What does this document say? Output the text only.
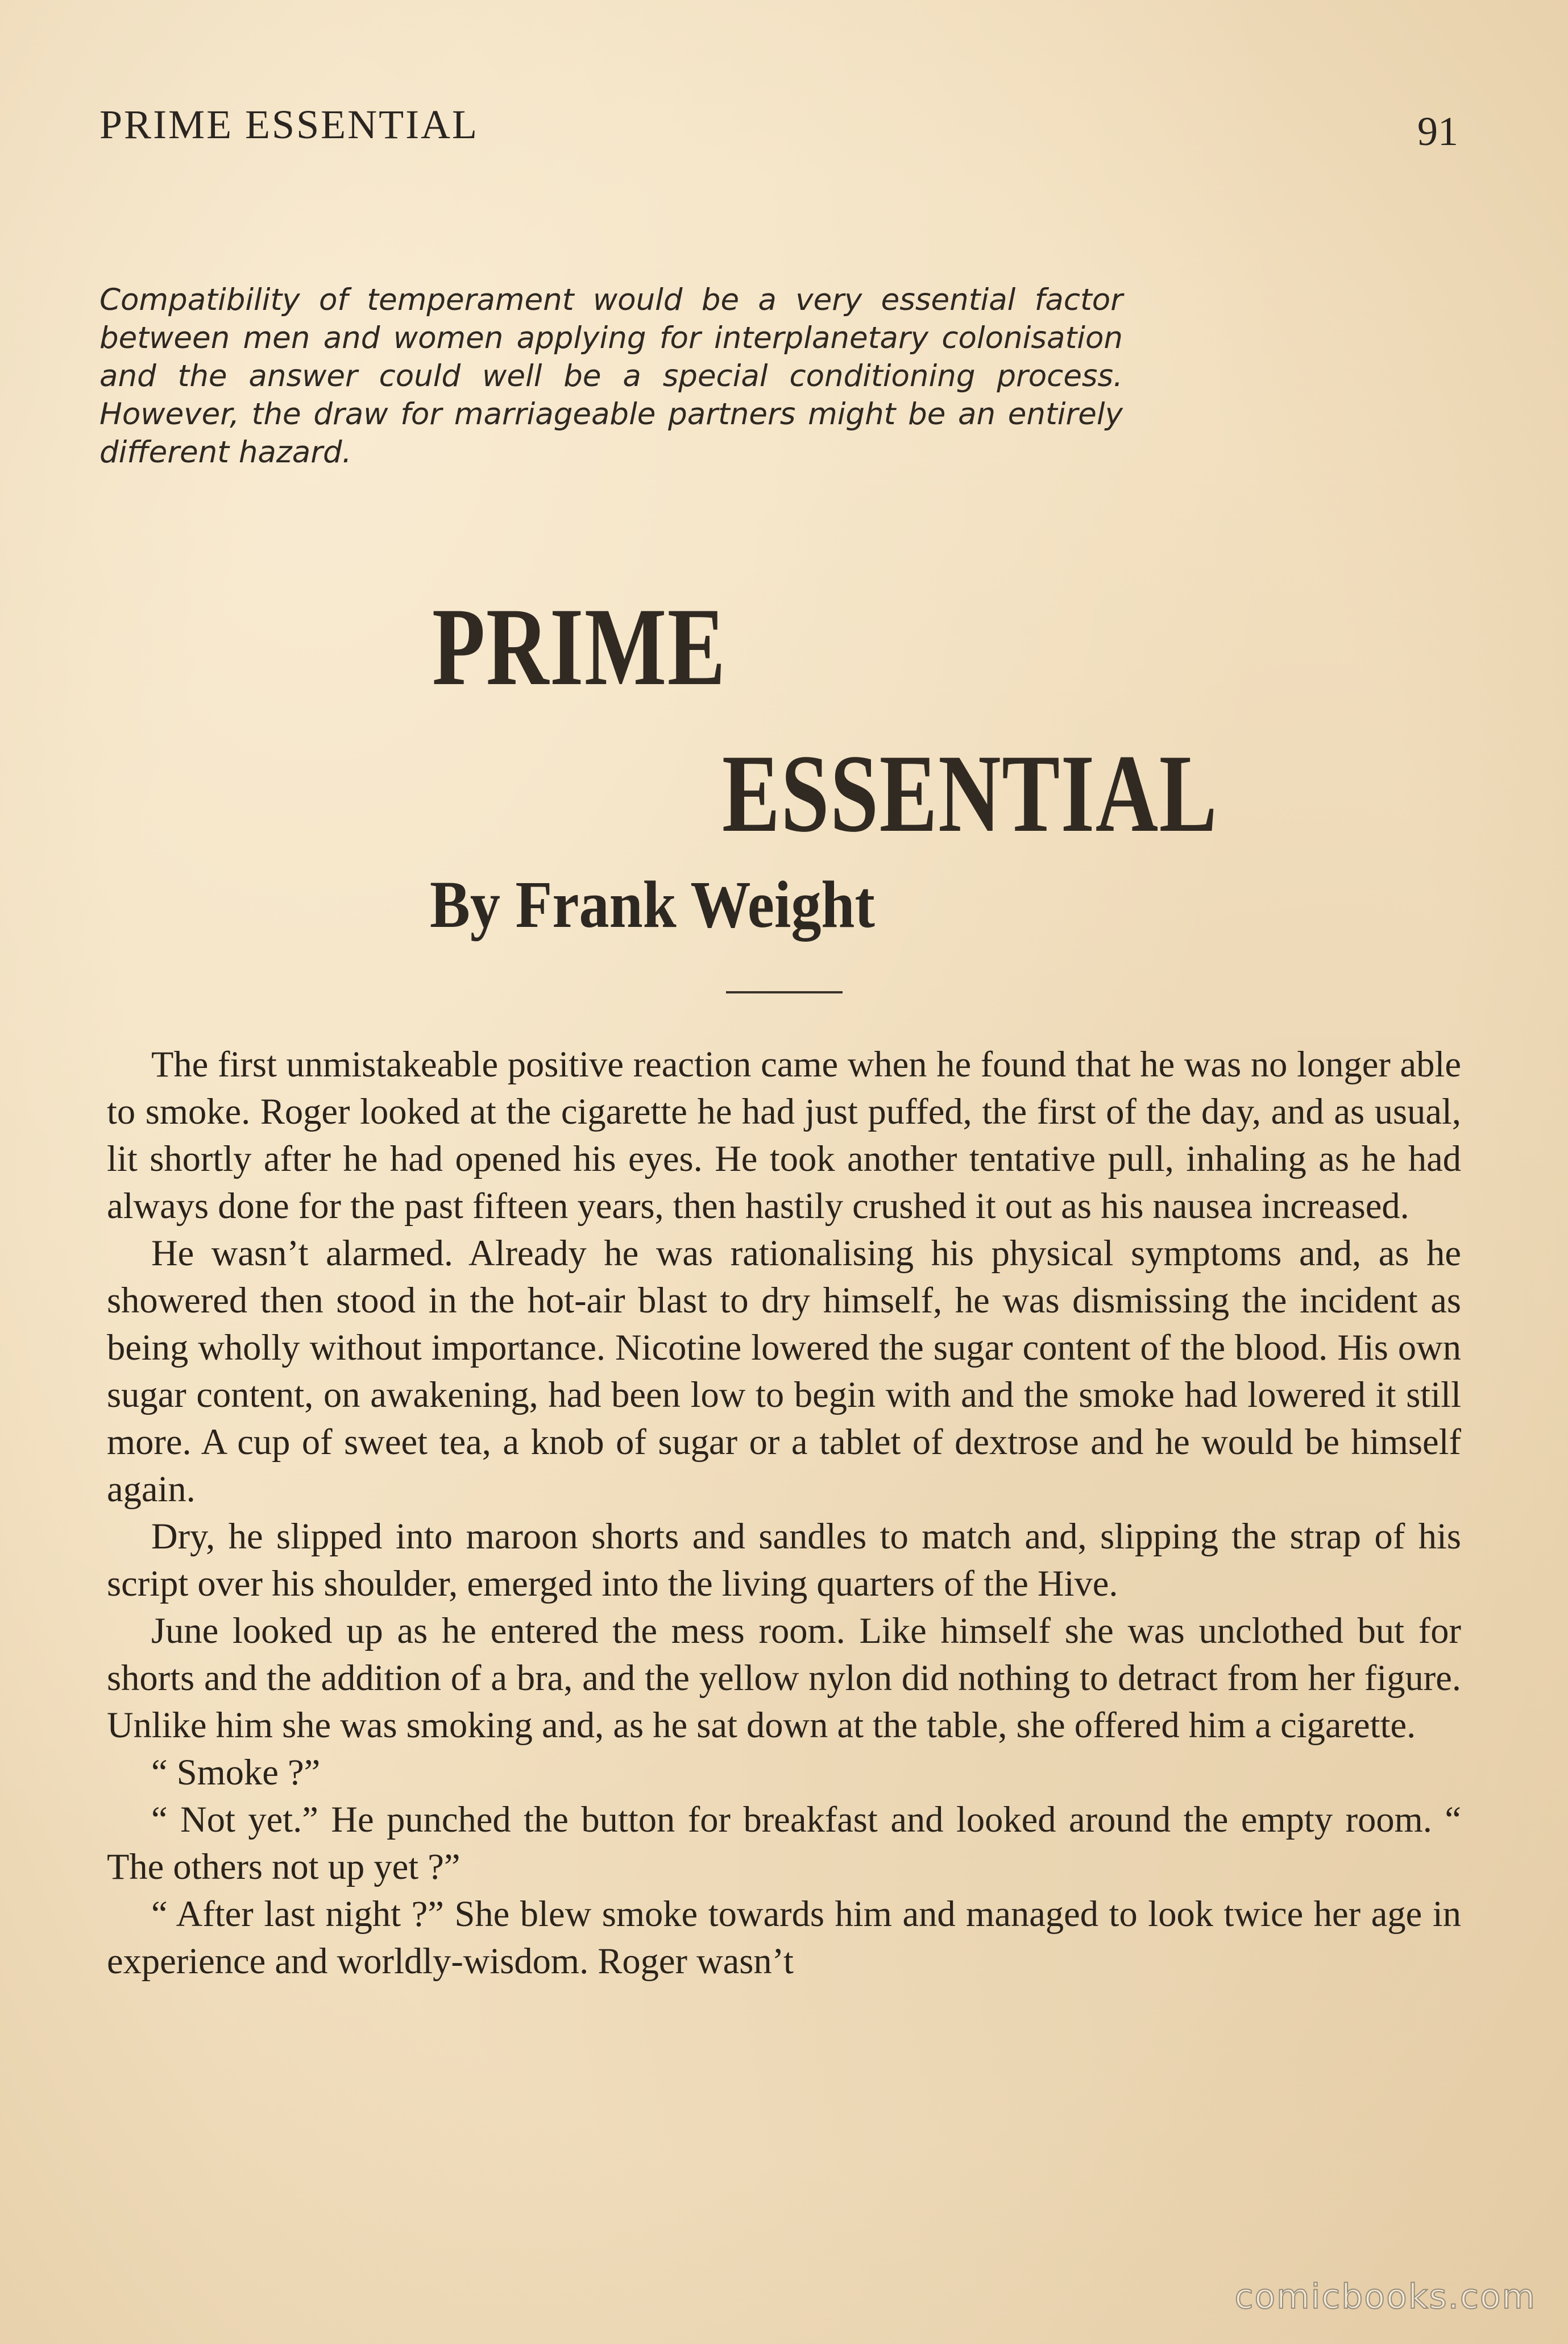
PRIME ESSENTIAL	91
Compatibility of temperament would be a very essential factor between men and women applying for interplanetary colonisation and the answer could well be a special conditioning process. However, the draw for marriageable partners might be an entirely different hazard.
PRIME
ESSENTIAL
By Frank Weight

The first unmistakeable positive reaction came when he found that he was no longer able to smoke. Roger looked at the cigarette he had just puffed, the first of the day, and as usual, lit shortly after he had opened his eyes. He took another tentative pull, inhaling as he had always done for the past fifteen years, then hastily crushed it out as his nausea increased.

He wasn’t alarmed. Already he was rationalising his physical symptoms and, as he showered then stood in the hot-air blast to dry himself, he was dismissing the incident as being wholly without importance. Nicotine lowered the sugar content of the blood. His own sugar content, on awakening, had been low to begin with and the smoke had lowered it still more. A cup of sweet tea, a knob of sugar or a tablet of dextrose and he would be himself again.

Dry, he slipped into maroon shorts and sandles to match and, slipping the strap of his script over his shoulder, emerged into the living quarters of the Hive.

June looked up as he entered the mess room. Like himself she was unclothed but for shorts and the addition of a bra, and the yellow nylon did nothing to detract from her figure. Unlike him she was smoking and, as he sat down at the table, she offered him a cigarette.

“ Smoke ?”

“ Not yet.” He punched the button for breakfast and looked around the empty room. “ The others not up yet ?”

“ After last night ?” She blew smoke towards him and managed to look twice her age in experience and worldly-wisdom. Roger wasn’t

comicbooks.com
